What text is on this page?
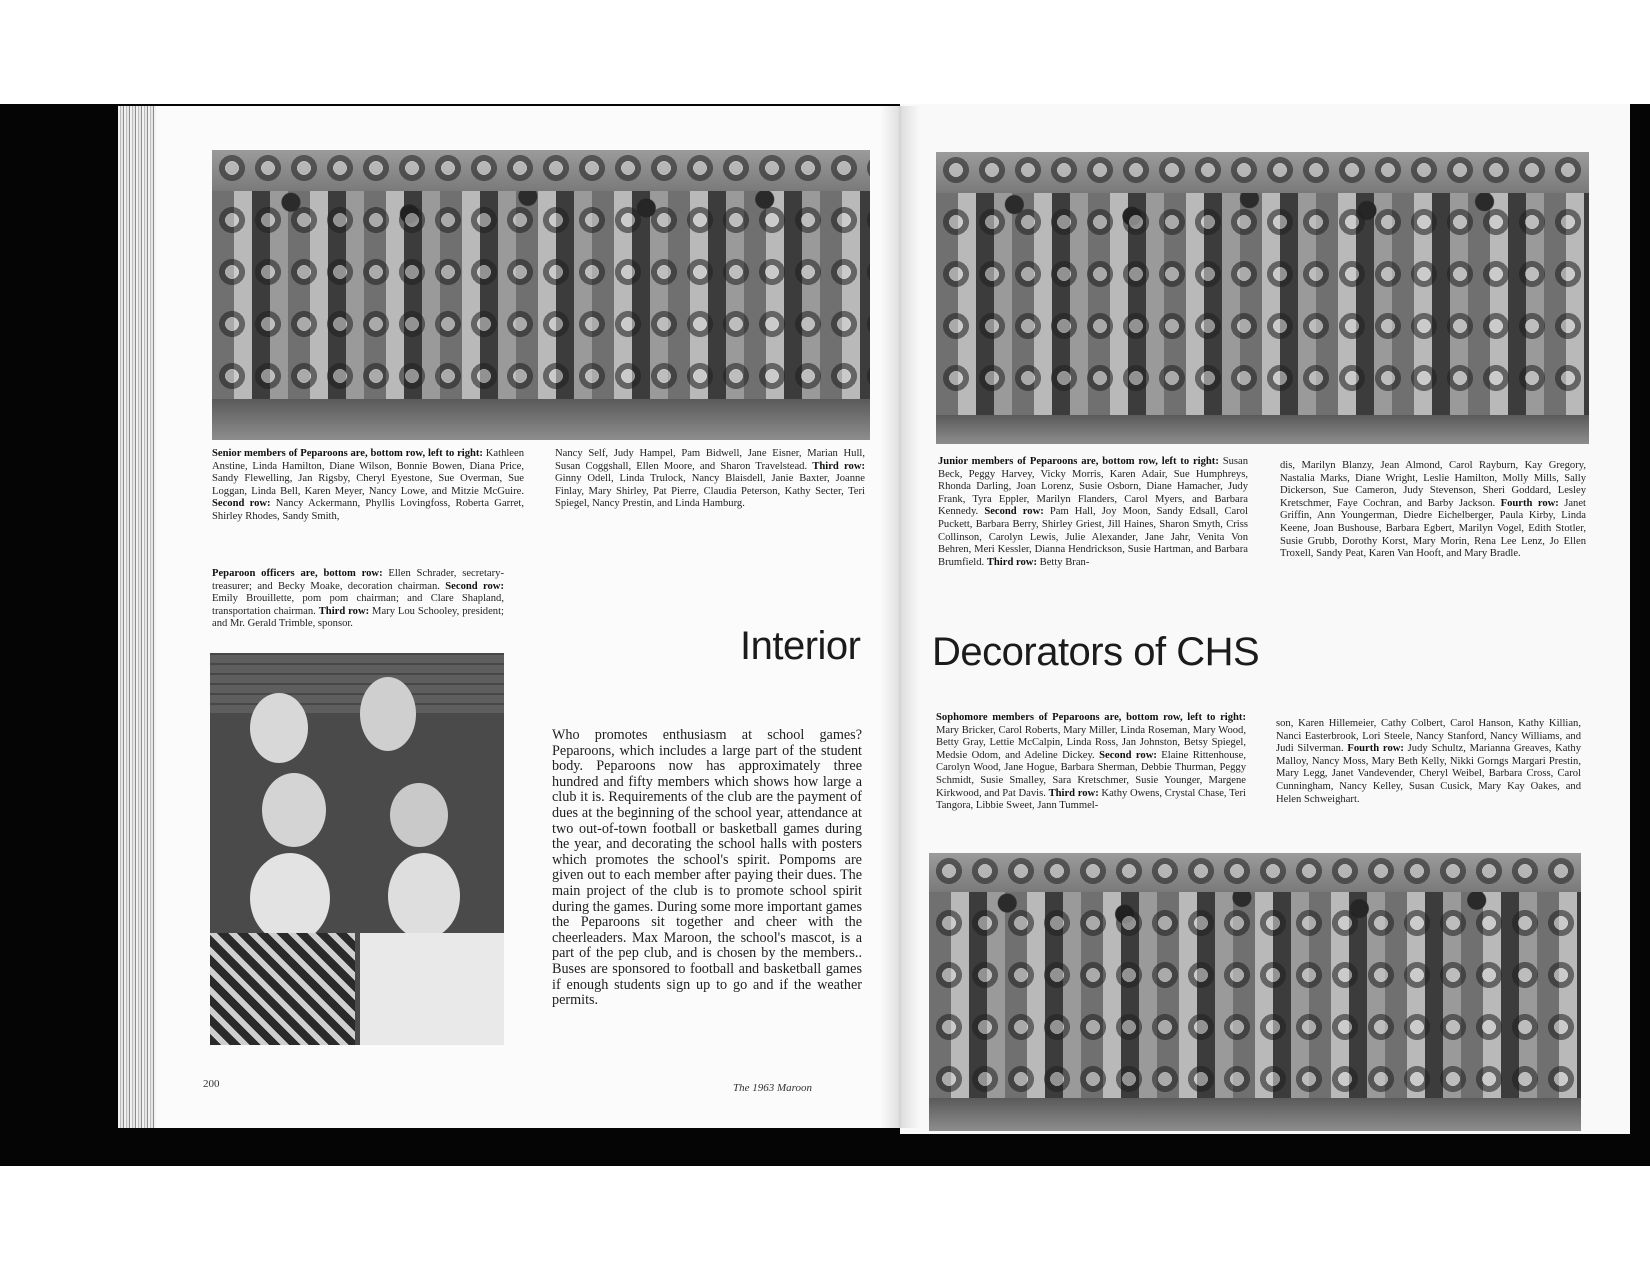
Senior members of Peparoons are, bottom row, left to right: Kathleen Anstine, Linda Hamilton, Diane Wilson, Bonnie Bowen, Diana Price, Sandy Flewelling, Jan Rigsby, Cheryl Eyestone, Sue Overman, Sue Loggan, Linda Bell, Karen Meyer, Nancy Lowe, and Mitzie McGuire. Second row: Nancy Ackermann, Phyllis Lovingfoss, Roberta Garret, Shirley Rhodes, Sandy Smith,

Nancy Self, Judy Hampel, Pam Bidwell, Jane Eisner, Marian Hull, Susan Coggshall, Ellen Moore, and Sharon Travelstead. Third row: Ginny Odell, Linda Trulock, Nancy Blaisdell, Janie Baxter, Joanne Finlay, Mary Shirley, Pat Pierre, Claudia Peterson, Kathy Secter, Teri Spiegel, Nancy Prestin, and Linda Hamburg.

Peparoon officers are, bottom row: Ellen Schrader, secretary-treasurer; and Becky Moake, decoration chairman. Second row: Emily Brouillette, pom pom chairman; and Clare Shapland, transportation chairman. Third row: Mary Lou Schooley, president; and Mr. Gerald Trimble, sponsor.

Interior

Who promotes enthusiasm at school games? Peparoons, which includes a large part of the student body. Peparoons now has approximately three hundred and fifty members which shows how large a club it is. Requirements of the club are the payment of dues at the beginning of the school year, attendance at two out-of-town football or basketball games during the year, and decorating the school halls with posters which promotes the school's spirit. Pompoms are given out to each member after paying their dues. The main project of the club is to promote school spirit during the games. During some more important games the Peparoons sit together and cheer with the cheerleaders. Max Maroon, the school's mascot, is a part of the pep club, and is chosen by the members.. Buses are sponsored to football and basketball games if enough students sign up to go and if the weather permits.

200	The 1963 Maroon

Junior members of Peparoons are, bottom row, left to right: Susan Beck, Peggy Harvey, Vicky Morris, Karen Adair, Sue Humphreys, Rhonda Darling, Joan Lorenz, Susie Osborn, Diane Hamacher, Judy Frank, Tyra Eppler, Marilyn Flanders, Carol Myers, and Barbara Kennedy. Second row: Pam Hall, Joy Moon, Sandy Edsall, Carol Puckett, Barbara Berry, Shirley Griest, Jill Haines, Sharon Smyth, Criss Collinson, Carolyn Lewis, Julie Alexander, Jane Jahr, Venita Von Behren, Meri Kessler, Dianna Hendrickson, Susie Hartman, and Barbara Brumfield. Third row: Betty Bran-

dis, Marilyn Blanzy, Jean Almond, Carol Rayburn, Kay Gregory, Nastalia Marks, Diane Wright, Leslie Hamilton, Molly Mills, Sally Dickerson, Sue Cameron, Judy Stevenson, Sheri Goddard, Lesley Kretschmer, Faye Cochran, and Barby Jackson. Fourth row: Janet Griffin, Ann Youngerman, Diedre Eichelberger, Paula Kirby, Linda Keene, Joan Bushouse, Barbara Egbert, Marilyn Vogel, Edith Stotler, Susie Grubb, Dorothy Korst, Mary Morin, Rena Lee Lenz, Jo Ellen Troxell, Sandy Peat, Karen Van Hooft, and Mary Bradle.

Decorators of CHS

Sophomore members of Peparoons are, bottom row, left to right: Mary Bricker, Carol Roberts, Mary Miller, Linda Roseman, Mary Wood, Betty Gray, Lettie McCalpin, Linda Ross, Jan Johnston, Betsy Spiegel, Medsie Odom, and Adeline Dickey. Second row: Elaine Rittenhouse, Carolyn Wood, Jane Hogue, Barbara Sherman, Debbie Thurman, Peggy Schmidt, Susie Smalley, Sara Kretschmer, Susie Younger, Margene Kirkwood, and Pat Davis. Third row: Kathy Owens, Crystal Chase, Teri Tangora, Libbie Sweet, Jann Tummel-

son, Karen Hillemeier, Cathy Colbert, Carol Hanson, Kathy Killian, Nanci Easterbrook, Lori Steele, Nancy Stanford, Nancy Williams, and Judi Silverman. Fourth row: Judy Schultz, Marianna Greaves, Kathy Malloy, Nancy Moss, Mary Beth Kelly, Nikki Gorngs Margari Prestin, Mary Legg, Janet Vandevender, Cheryl Weibel, Barbara Cross, Carol Cunningham, Nancy Kelley, Susan Cusick, Mary Kay Oakes, and Helen Schweighart.
